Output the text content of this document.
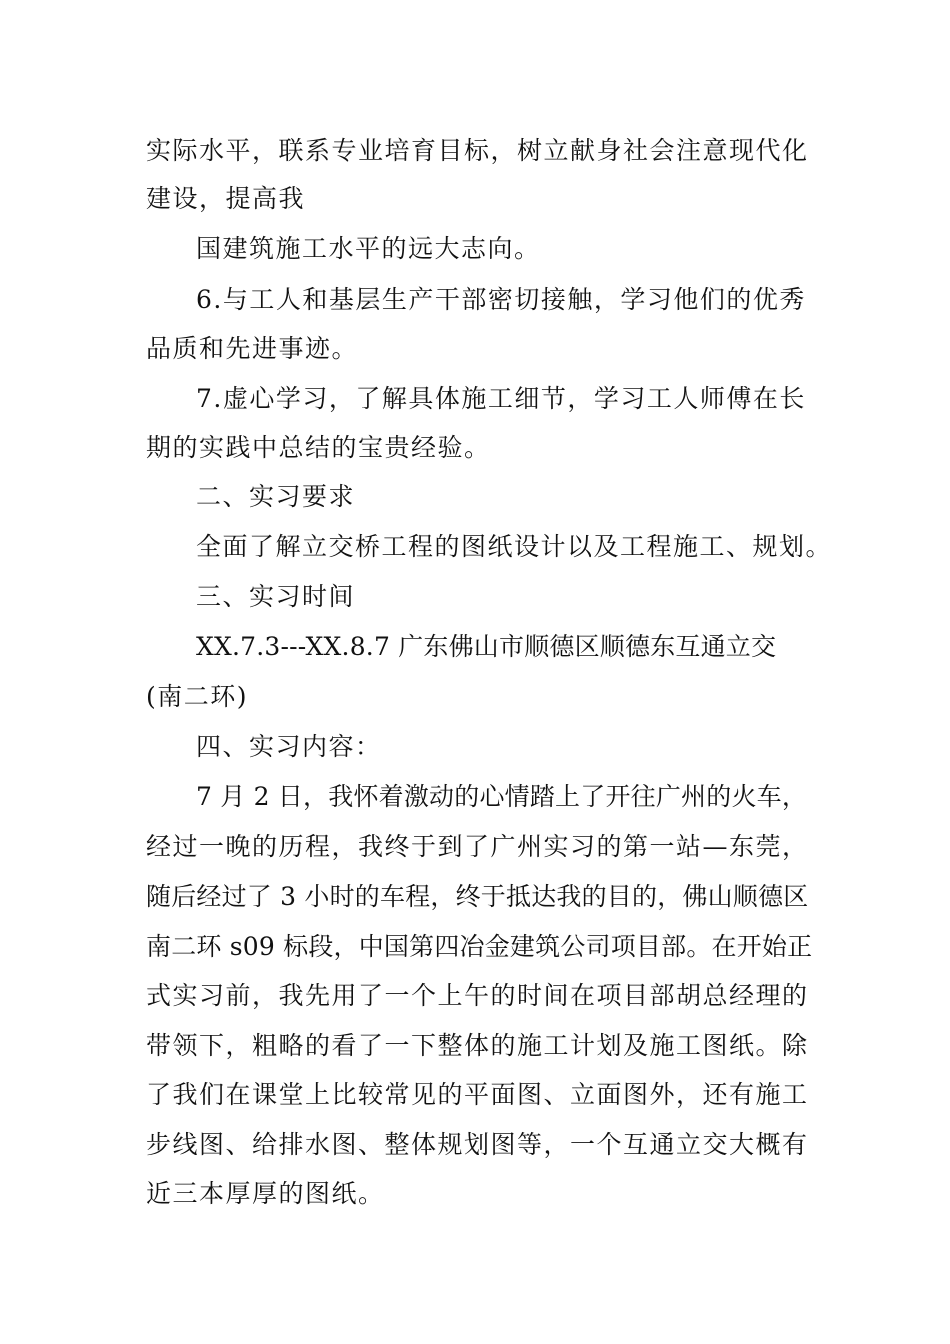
实际水平，联系专业培育目标，树立献身社会注意现代化
建设，提高我
国建筑施工水平的远大志向。
6.与工人和基层生产干部密切接触，学习他们的优秀
品质和先进事迹。
7.虚心学习，了解具体施工细节，学习工人师傅在长
期的实践中总结的宝贵经验。
二、实习要求
全面了解立交桥工程的图纸设计以及工程施工、规划。
三、实习时间
XX.7.3---XX.8.7 广东佛山市顺德区顺德东互通立交
(南二环)
四、实习内容：
7 月 2 日，我怀着激动的心情踏上了开往广州的火车，
经过一晚的历程，我终于到了广州实习的第一站—东莞，
随后经过了 3 小时的车程，终于抵达我的目的，佛山顺德区
南二环 s09 标段，中国第四冶金建筑公司项目部。在开始正
式实习前，我先用了一个上午的时间在项目部胡总经理的
带领下，粗略的看了一下整体的施工计划及施工图纸。除
了我们在课堂上比较常见的平面图、立面图外，还有施工
步线图、给排水图、整体规划图等，一个互通立交大概有
近三本厚厚的图纸。
